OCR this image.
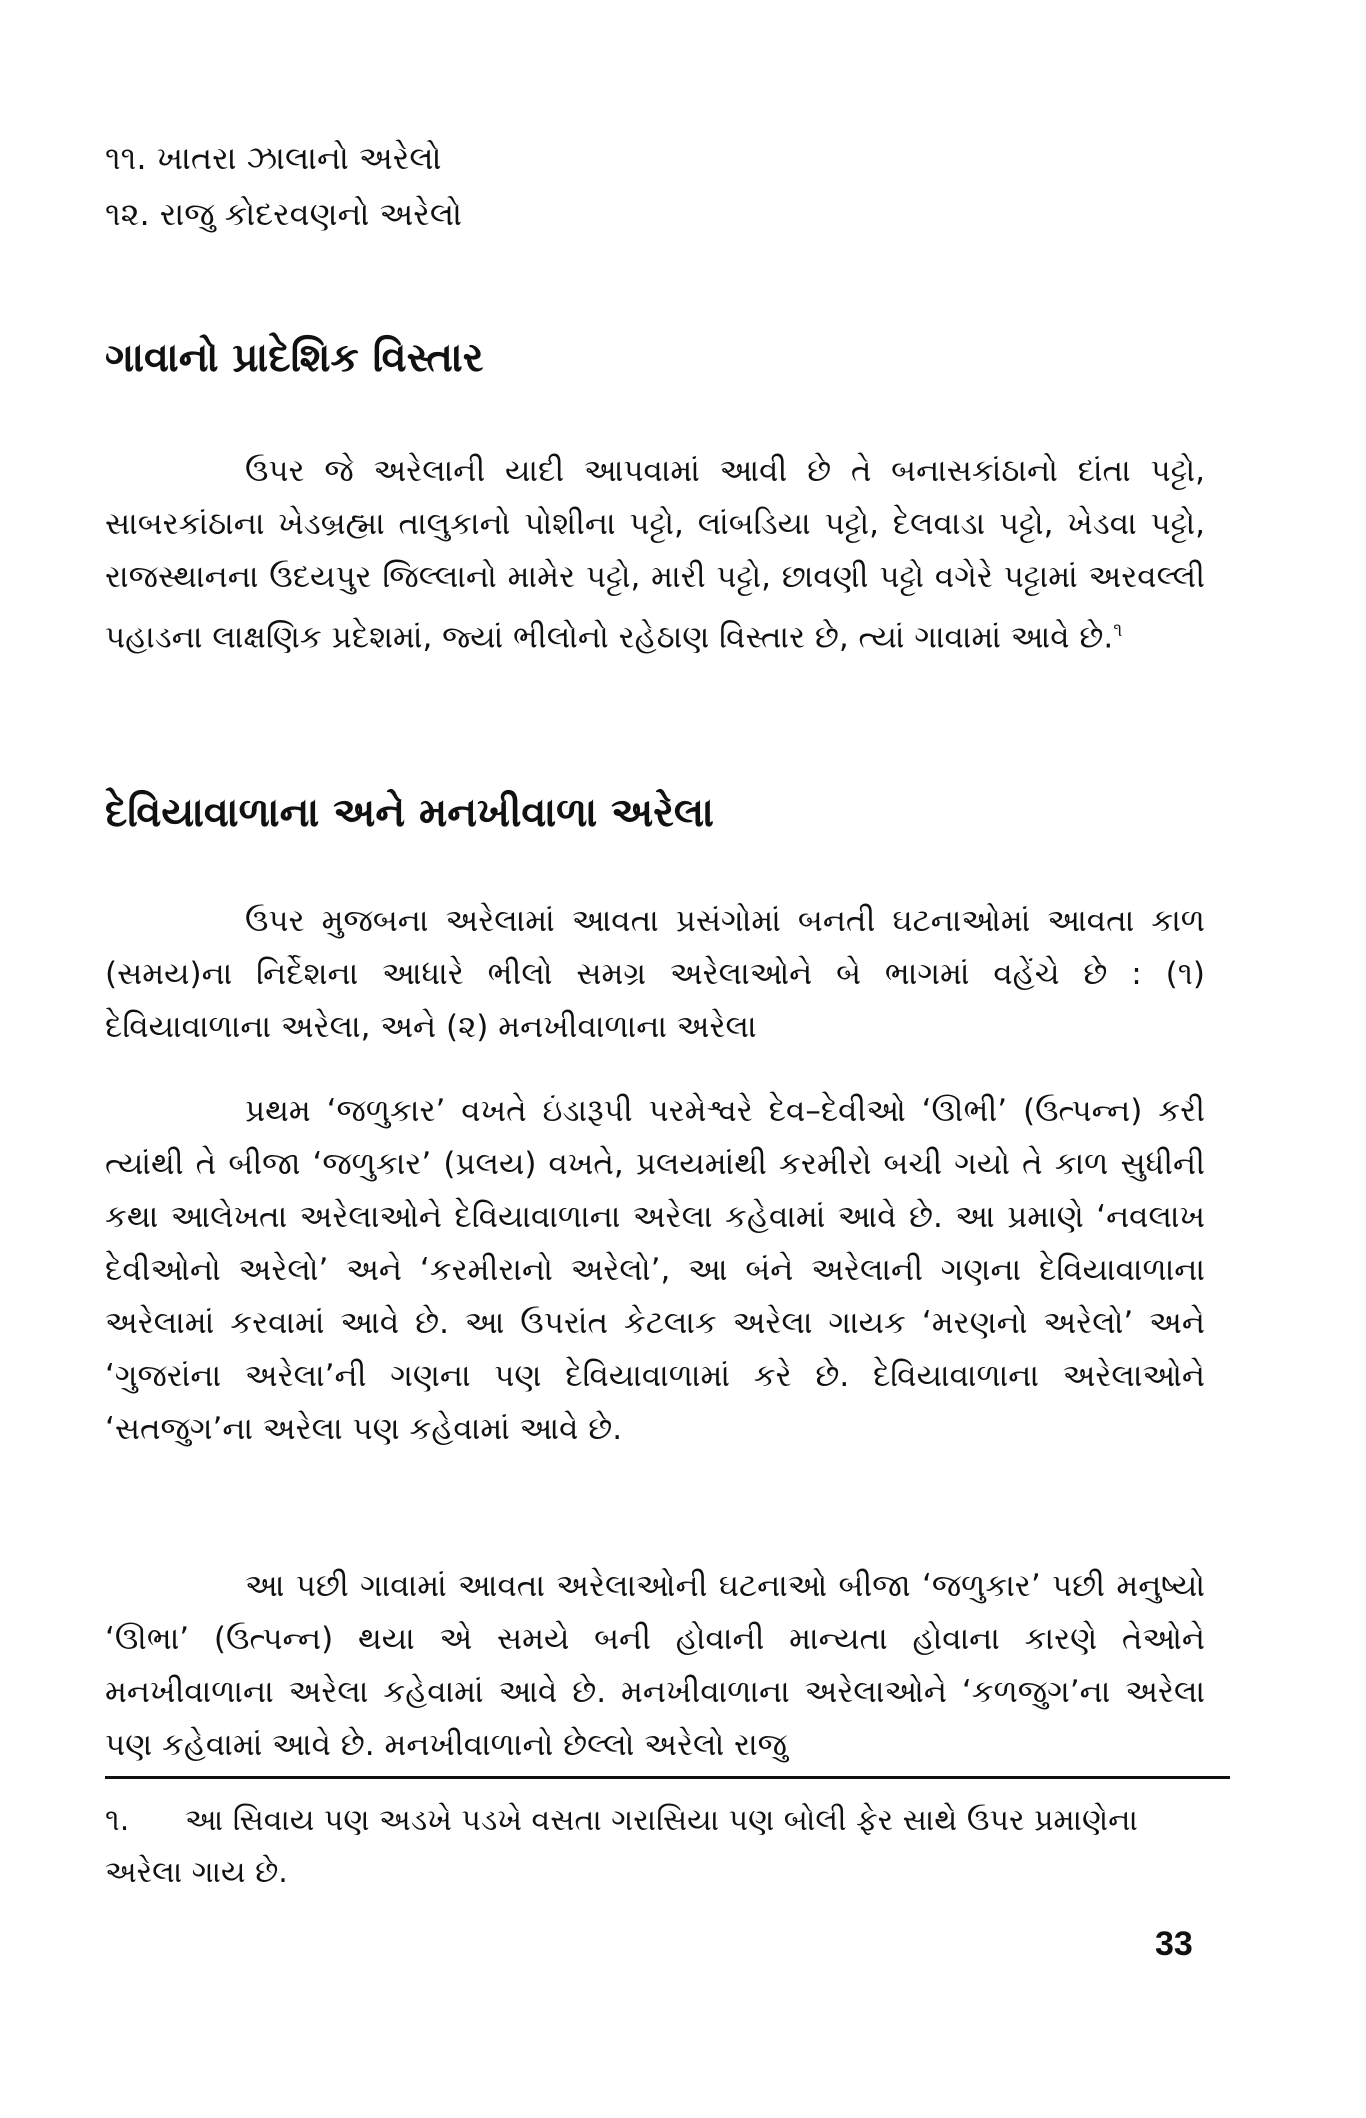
૧૧. ખાતરા ઝાલાનો અરેલો
૧૨. રાજુ કોદરવણનો અરેલો
ગાવાનો પ્રાદેશિક વિસ્તાર

ઉપર જે અરેલાની યાદી આપવામાં આવી છે તે બનાસકાંઠાનો દાંતા પટ્ટો, સાબરકાંઠાના ખેડબ્રહ્મા તાલુકાનો પોશીના પટ્ટો, લાંબડિયા પટ્ટો, દેલવાડા પટ્ટો, ખેડવા પટ્ટો, રાજસ્થાનના ઉદયપુર જિલ્લાનો મામેર પટ્ટો, મારી પટ્ટો, છાવણી પટ્ટો વગેરે પટ્ટામાં અરવલ્લી પહાડના લાક્ષણિક પ્રદેશમાં, જ્યાં ભીલોનો રહેઠાણ વિસ્તાર છે, ત્યાં ગાવામાં આવે છે.$^૧$

દેવિયાવાળાના અને મનખીવાળા અરેલા

ઉપર મુજબના અરેલામાં આવતા પ્રસંગોમાં બનતી ઘટનાઓમાં આવતા કાળ (સમય)ના નિર્દેશના આધારે ભીલો સમગ્ર અરેલાઓને બે ભાગમાં વહેંચે છે : (૧) દેવિયાવાળાના અરેલા, અને (૨) મનખીવાળાના અરેલા

પ્રથમ ‘જળુકાર’ વખતે ઇંડારૂપી પરમેશ્વરે દેવ–દેવીઓ ‘ઊભી’ (ઉત્પન્ન) કરી ત્યાંથી તે બીજા ‘જળુકાર’ (પ્રલય) વખતે, પ્રલયમાંથી કરમીરો બચી ગયો તે કાળ સુધીની કથા આલેખતા અરેલાઓને દેવિયાવાળાના અરેલા કહેવામાં આવે છે. આ પ્રમાણે ‘નવલાખ દેવીઓનો અરેલો’ અને ‘કરમીરાનો અરેલો’, આ બંને અરેલાની ગણના દેવિયાવાળાના અરેલામાં કરવામાં આવે છે. આ ઉપરાંત કેટલાક અરેલા ગાયક ‘મરણનો અરેલો’ અને ‘ગુજરાંના અરેલા’ની ગણના પણ દેવિયાવાળામાં કરે છે. દેવિયાવાળાના અરેલાઓને ‘સતજુગ’ના અરેલા પણ કહેવામાં આવે છે.

આ પછી ગાવામાં આવતા અરેલાઓની ઘટનાઓ બીજા ‘જળુકાર’ પછી મનુષ્યો ‘ઊભા’ (ઉત્પન્ન) થયા એ સમયે બની હોવાની માન્યતા હોવાના કારણે તેઓને મનખીવાળાના અરેલા કહેવામાં આવે છે. મનખીવાળાના અરેલાઓને ‘કળજુગ’ના અરેલા પણ કહેવામાં આવે છે. મનખીવાળાનો છેલ્લો અરેલો રાજુ

૧. આ સિવાય પણ અડખે પડખે વસતા ગરાસિયા પણ બોલી ફેર સાથે ઉપર પ્રમાણેના અરેલા ગાય છે.
33
